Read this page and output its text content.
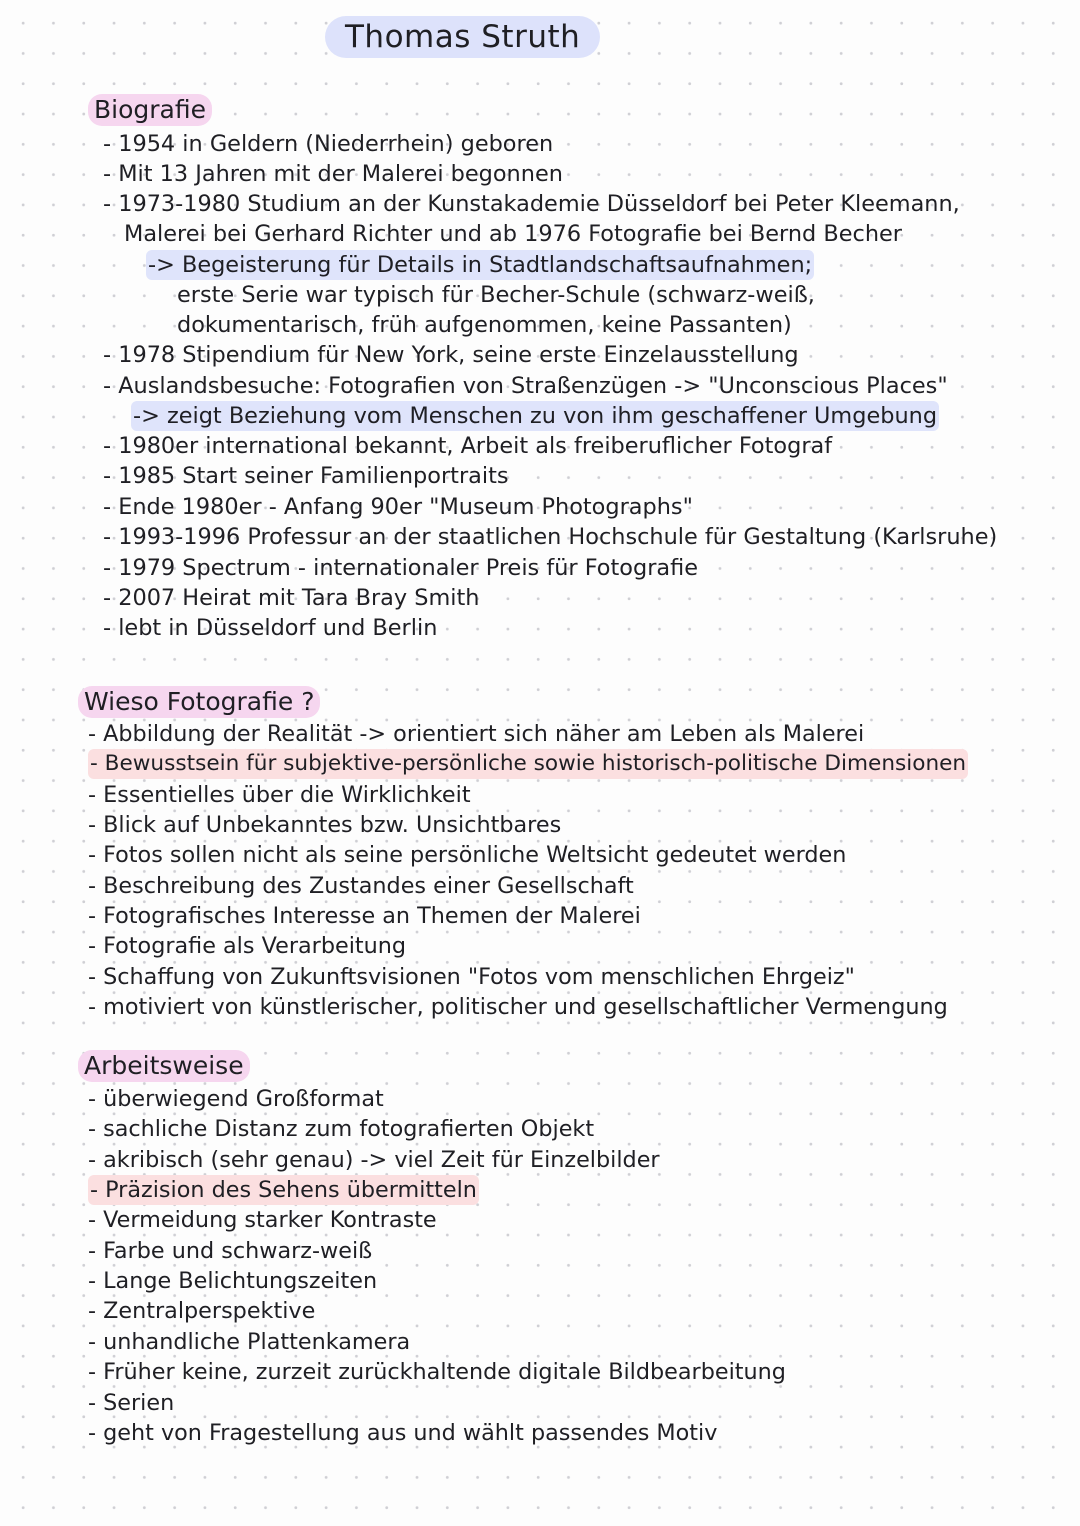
Thomas Struth
Biografie
- 1954 in Geldern (Niederrhein) geboren
- Mit 13 Jahren mit der Malerei begonnen
- 1973-1980 Studium an der Kunstakademie Düsseldorf bei Peter Kleemann,
Malerei bei Gerhard Richter und ab 1976 Fotografie bei Bernd Becher
-> Begeisterung für Details in Stadtlandschaftsaufnahmen;
erste Serie war typisch für Becher-Schule (schwarz-weiß,
dokumentarisch, früh aufgenommen, keine Passanten)
- 1978 Stipendium für New York, seine erste Einzelausstellung
- Auslandsbesuche: Fotografien von Straßenzügen -> "Unconscious Places"
-> zeigt Beziehung vom Menschen zu von ihm geschaffener Umgebung
- 1980er international bekannt, Arbeit als freiberuflicher Fotograf
- 1985 Start seiner Familienportraits
- Ende 1980er - Anfang 90er "Museum Photographs"
- 1993-1996 Professur an der staatlichen Hochschule für Gestaltung (Karlsruhe)
- 1979 Spectrum - internationaler Preis für Fotografie
- 2007 Heirat mit Tara Bray Smith
- lebt in Düsseldorf und Berlin
Wieso Fotografie ?
- Abbildung der Realität -> orientiert sich näher am Leben als Malerei
- Bewusstsein für subjektive-persönliche sowie historisch-politische Dimensionen
- Essentielles über die Wirklichkeit
- Blick auf Unbekanntes bzw. Unsichtbares
- Fotos sollen nicht als seine persönliche Weltsicht gedeutet werden
- Beschreibung des Zustandes einer Gesellschaft
- Fotografisches Interesse an Themen der Malerei
- Fotografie als Verarbeitung
- Schaffung von Zukunftsvisionen "Fotos vom menschlichen Ehrgeiz"
- motiviert von künstlerischer, politischer und gesellschaftlicher Vermengung
Arbeitsweise
- überwiegend Großformat
- sachliche Distanz zum fotografierten Objekt
- akribisch (sehr genau) -> viel Zeit für Einzelbilder
- Präzision des Sehens übermitteln
- Vermeidung starker Kontraste
- Farbe und schwarz-weiß
- Lange Belichtungszeiten
- Zentralperspektive
- unhandliche Plattenkamera
- Früher keine, zurzeit zurückhaltende digitale Bildbearbeitung
- Serien
- geht von Fragestellung aus und wählt passendes Motiv
